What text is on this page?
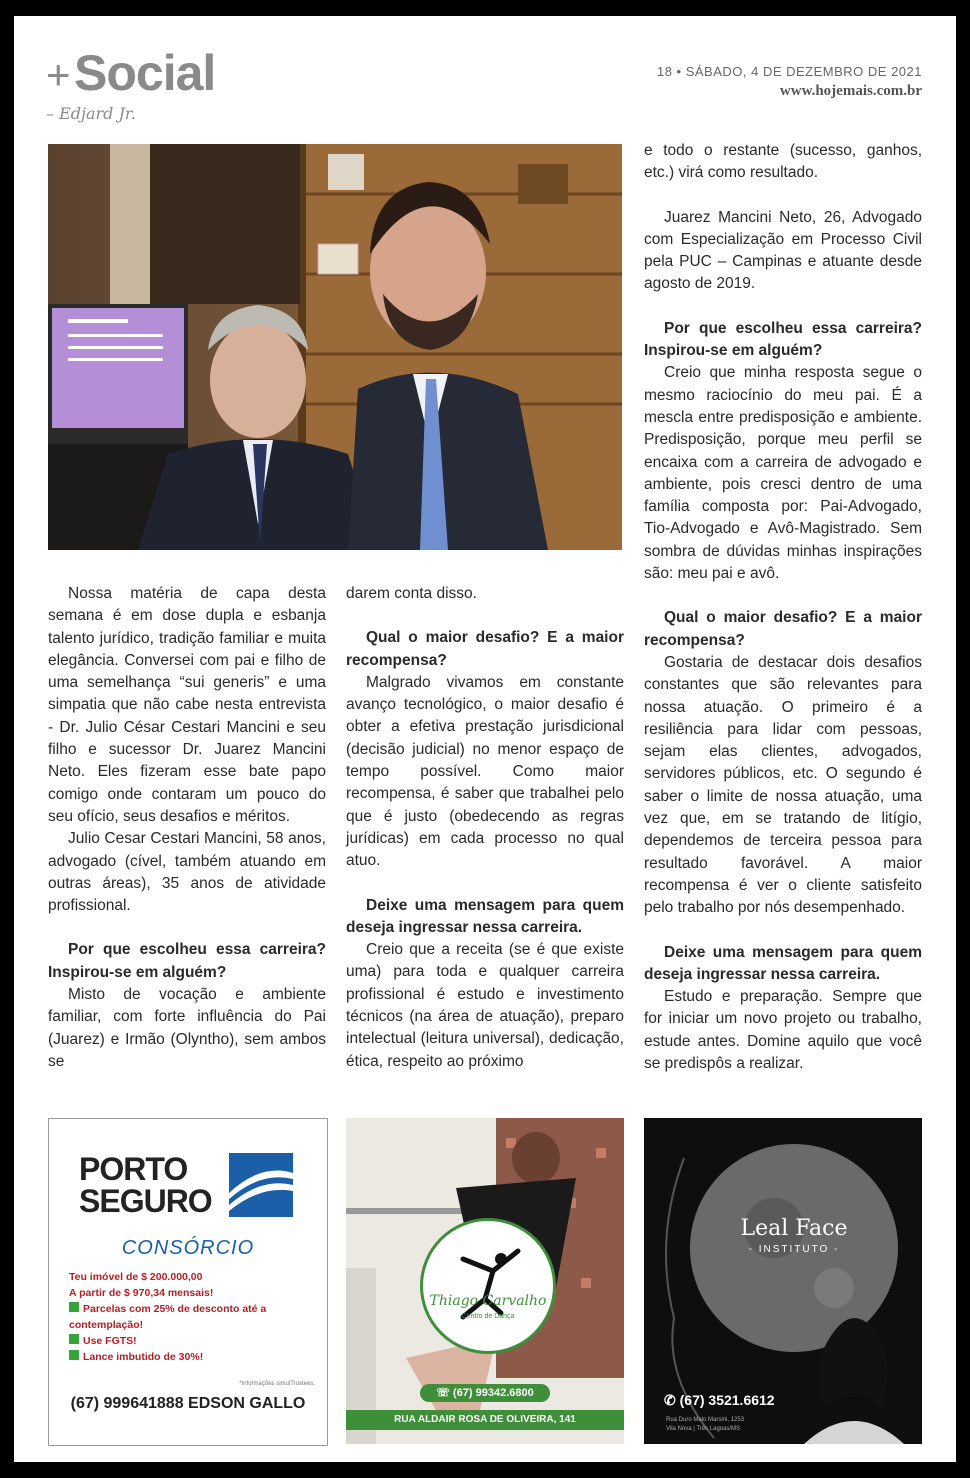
+ Social
– Edjard Jr.
18 • SÁBADO, 4 DE DEZEMBRO DE 2021
www.hojemais.com.br

Nossa matéria de capa desta semana é em dose dupla e esbanja talento jurídico, tradição familiar e muita elegância. Conversei com pai e filho de uma semelhança “sui generis” e uma simpatia que não cabe nesta entrevista - Dr. Julio César Cestari Mancini e seu filho e sucessor Dr. Juarez Mancini Neto. Eles fizeram esse bate papo comigo onde contaram um pouco do seu ofício, seus desafios e méritos.

Julio Cesar Cestari Mancini, 58 anos, advogado (cível, também atuando em outras áreas), 35 anos de atividade profissional.

Por que escolheu essa carreira? Inspirou-se em alguém?

Misto de vocação e ambiente familiar, com forte influência do Pai (Juarez) e Irmão (Olyntho), sem ambos se

darem conta disso.

Qual o maior desafio? E a maior recompensa?

Malgrado vivamos em constante avanço tecnológico, o maior desafio é obter a efetiva prestação jurisdicional (decisão judicial) no menor espaço de tempo possível. Como maior recompensa, é saber que trabalhei pelo que é justo (obedecendo as regras jurídicas) em cada processo no qual atuo.

Deixe uma mensagem para quem deseja ingressar nessa carreira.

Creio que a receita (se é que existe uma) para toda e qualquer carreira profissional é estudo e investimento técnicos (na área de atuação), preparo intelectual (leitura universal), dedicação, ética, respeito ao próximo

e todo o restante (sucesso, ganhos, etc.) virá como resultado.

Juarez Mancini Neto, 26, Advogado com Especialização em Processo Civil pela PUC – Campinas e atuante desde agosto de 2019.

Por que escolheu essa carreira? Inspirou-se em alguém?

Creio que minha resposta segue o mesmo raciocínio do meu pai. É a mescla entre predisposição e ambiente. Predisposição, porque meu perfil se encaixa com a carreira de advogado e ambiente, pois cresci dentro de uma família composta por: Pai-Advogado, Tio-Advogado e Avô-Magistrado. Sem sombra de dúvidas minhas inspirações são: meu pai e avô.

Qual o maior desafio? E a maior recompensa?

Gostaria de destacar dois desafios constantes que são relevantes para nossa atuação. O primeiro é a resiliência para lidar com pessoas, sejam elas clientes, advogados, servidores públicos, etc. O segundo é saber o limite de nossa atuação, uma vez que, em se tratando de litígio, dependemos de terceira pessoa para resultado favorável. A maior recompensa é ver o cliente satisfeito pelo trabalho por nós desempenhado.

Deixe uma mensagem para quem deseja ingressar nessa carreira.

Estudo e preparação. Sempre que for iniciar um novo projeto ou trabalho, estude antes. Domine aquilo que você se predispôs a realizar.

PORTO
SEGURO
CONSÓRCIO
Teu imóvel de $ 200.000,00
A partir de $ 970,34 mensais!
Parcelas com 25% de desconto até a contemplação!
Use FGTS!
Lance imbutido de 30%!
*Informações simulTrustees.
(67) 999641888 EDSON GALLO
Thiago Carvalho
Centro de Dança
☏ (67) 99342.6800
RUA ALDAIR ROSA DE OLIVEIRA, 141
Leal Face
- INSTITUTO -
✆ (67) 3521.6612
Rua Duro Malo Marsini, 1253
Vila Nova | Três Lagoas/MS
